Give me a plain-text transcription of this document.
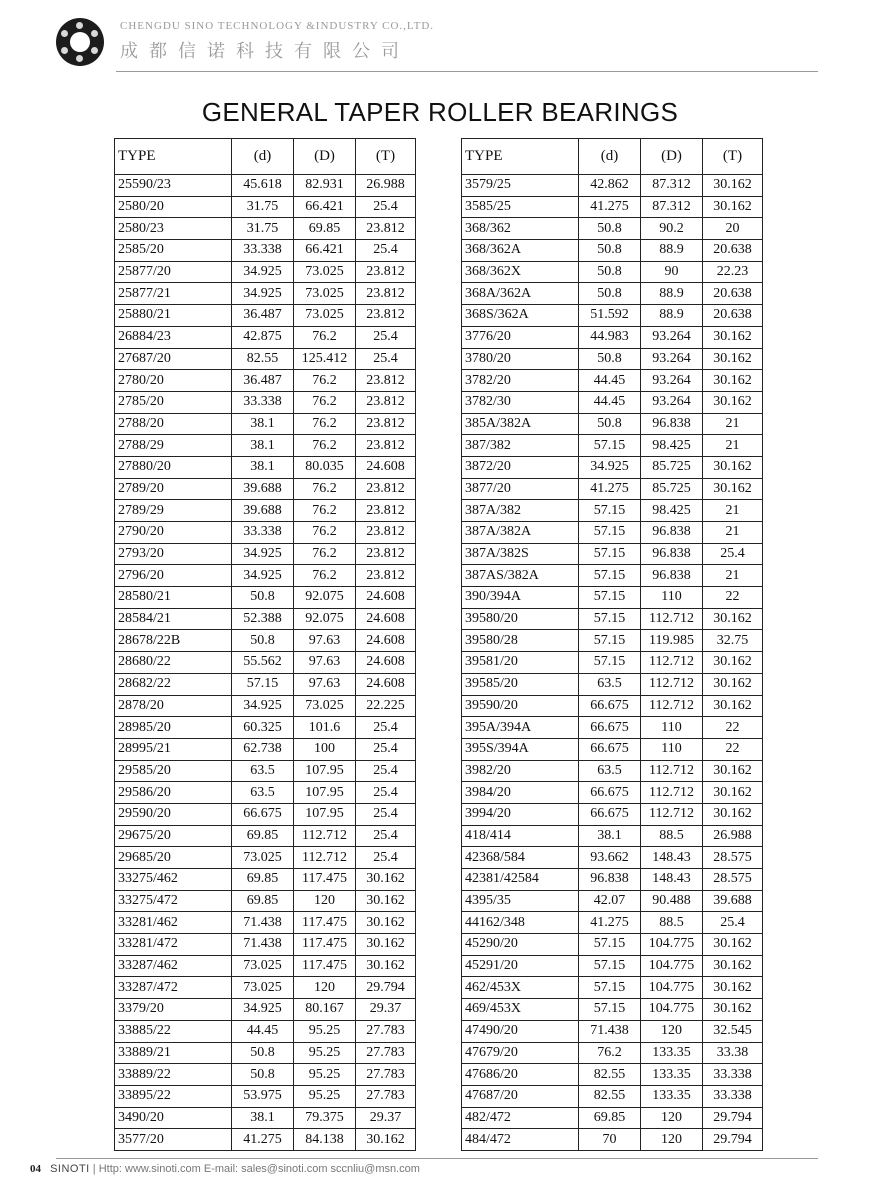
CHENGDU SINO TECHNOLOGY &INDUSTRY CO.,LTD.
成都信诺科技有限公司
GENERAL TAPER ROLLER BEARINGS
TYPE	(d)	(D)	(T)
25590/23	45.618	82.931	26.988
2580/20	31.75	66.421	25.4
2580/23	31.75	69.85	23.812
2585/20	33.338	66.421	25.4
25877/20	34.925	73.025	23.812
25877/21	34.925	73.025	23.812
25880/21	36.487	73.025	23.812
26884/23	42.875	76.2	25.4
27687/20	82.55	125.412	25.4
2780/20	36.487	76.2	23.812
2785/20	33.338	76.2	23.812
2788/20	38.1	76.2	23.812
2788/29	38.1	76.2	23.812
27880/20	38.1	80.035	24.608
2789/20	39.688	76.2	23.812
2789/29	39.688	76.2	23.812
2790/20	33.338	76.2	23.812
2793/20	34.925	76.2	23.812
2796/20	34.925	76.2	23.812
28580/21	50.8	92.075	24.608
28584/21	52.388	92.075	24.608
28678/22B	50.8	97.63	24.608
28680/22	55.562	97.63	24.608
28682/22	57.15	97.63	24.608
2878/20	34.925	73.025	22.225
28985/20	60.325	101.6	25.4
28995/21	62.738	100	25.4
29585/20	63.5	107.95	25.4
29586/20	63.5	107.95	25.4
29590/20	66.675	107.95	25.4
29675/20	69.85	112.712	25.4
29685/20	73.025	112.712	25.4
33275/462	69.85	117.475	30.162
33275/472	69.85	120	30.162
33281/462	71.438	117.475	30.162
33281/472	71.438	117.475	30.162
33287/462	73.025	117.475	30.162
33287/472	73.025	120	29.794
3379/20	34.925	80.167	29.37
33885/22	44.45	95.25	27.783
33889/21	50.8	95.25	27.783
33889/22	50.8	95.25	27.783
33895/22	53.975	95.25	27.783
3490/20	38.1	79.375	29.37
3577/20	41.275	84.138	30.162
TYPE	(d)	(D)	(T)
3579/25	42.862	87.312	30.162
3585/25	41.275	87.312	30.162
368/362	50.8	90.2	20
368/362A	50.8	88.9	20.638
368/362X	50.8	90	22.23
368A/362A	50.8	88.9	20.638
368S/362A	51.592	88.9	20.638
3776/20	44.983	93.264	30.162
3780/20	50.8	93.264	30.162
3782/20	44.45	93.264	30.162
3782/30	44.45	93.264	30.162
385A/382A	50.8	96.838	21
387/382	57.15	98.425	21
3872/20	34.925	85.725	30.162
3877/20	41.275	85.725	30.162
387A/382	57.15	98.425	21
387A/382A	57.15	96.838	21
387A/382S	57.15	96.838	25.4
387AS/382A	57.15	96.838	21
390/394A	57.15	110	22
39580/20	57.15	112.712	30.162
39580/28	57.15	119.985	32.75
39581/20	57.15	112.712	30.162
39585/20	63.5	112.712	30.162
39590/20	66.675	112.712	30.162
395A/394A	66.675	110	22
395S/394A	66.675	110	22
3982/20	63.5	112.712	30.162
3984/20	66.675	112.712	30.162
3994/20	66.675	112.712	30.162
418/414	38.1	88.5	26.988
42368/584	93.662	148.43	28.575
42381/42584	96.838	148.43	28.575
4395/35	42.07	90.488	39.688
44162/348	41.275	88.5	25.4
45290/20	57.15	104.775	30.162
45291/20	57.15	104.775	30.162
462/453X	57.15	104.775	30.162
469/453X	57.15	104.775	30.162
47490/20	71.438	120	32.545
47679/20	76.2	133.35	33.38
47686/20	82.55	133.35	33.338
47687/20	82.55	133.35	33.338
482/472	69.85	120	29.794
484/472	70	120	29.794
04 SINOTI | Http: www.sinoti.com E-mail: sales@sinoti.com sccnliu@msn.com
